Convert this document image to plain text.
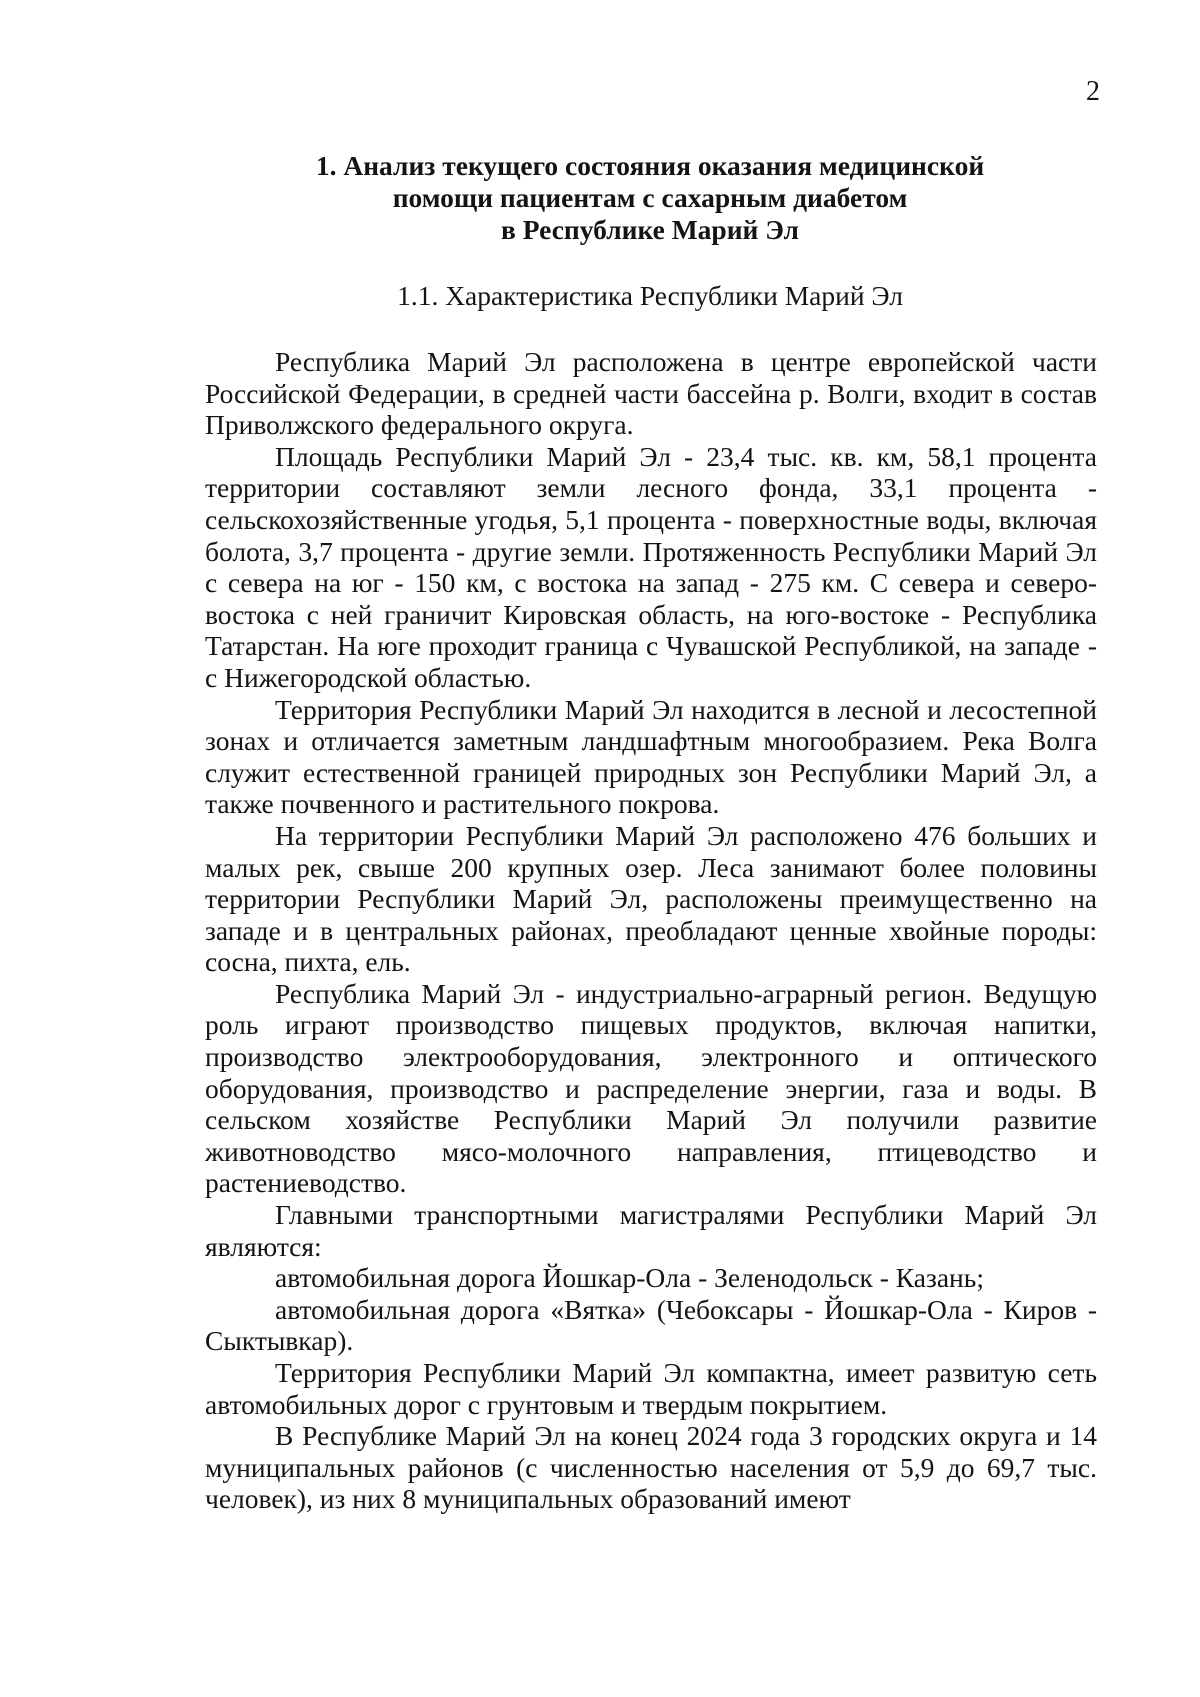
2
1. Анализ текущего состояния оказания медицинской
помощи пациентам с сахарным диабетом
в Республике Марий Эл
1.1. Характеристика Республики Марий Эл

Республика Марий Эл расположена в центре европейской части Российской Федерации, в средней части бассейна р. Волги, входит в состав Приволжского федерального округа.

Площадь Республики Марий Эл - 23,4 тыс. кв. км, 58,1 процента территории составляют земли лесного фонда, 33,1 процента - сельскохозяйственные угодья, 5,1 процента - поверхностные воды, включая болота, 3,7 процента - другие земли. Протяженность Республики Марий Эл с севера на юг - 150 км, с востока на запад - 275 км. С севера и северо-востока с ней граничит Кировская область, на юго-востоке - Республика Татарстан. На юге проходит граница с Чувашской Республикой, на западе - с Нижегородской областью.

Территория Республики Марий Эл находится в лесной и лесостепной зонах и отличается заметным ландшафтным многообразием. Река Волга служит естественной границей природных зон Республики Марий Эл, а также почвенного и растительного покрова.

На территории Республики Марий Эл расположено 476 больших и малых рек, свыше 200 крупных озер. Леса занимают более половины территории Республики Марий Эл, расположены преимущественно на западе и в центральных районах, преобладают ценные хвойные породы: сосна, пихта, ель.

Республика Марий Эл - индустриально-аграрный регион. Ведущую роль играют производство пищевых продуктов, включая напитки, производство электрооборудования, электронного и оптического оборудования, производство и распределение энергии, газа и воды. В сельском хозяйстве Республики Марий Эл получили развитие животноводство мясо-молочного направления, птицеводство и растениеводство.

Главными транспортными магистралями Республики Марий Эл являются:

автомобильная дорога Йошкар-Ола - Зеленодольск - Казань;

автомобильная дорога «Вятка» (Чебоксары - Йошкар-Ола - Киров - Сыктывкар).

Территория Республики Марий Эл компактна, имеет развитую сеть автомобильных дорог с грунтовым и твердым покрытием.

В Республике Марий Эл на конец 2024 года 3 городских округа и 14 муниципальных районов (с численностью населения от 5,9 до 69,7 тыс. человек), из них 8 муниципальных образований имеют
